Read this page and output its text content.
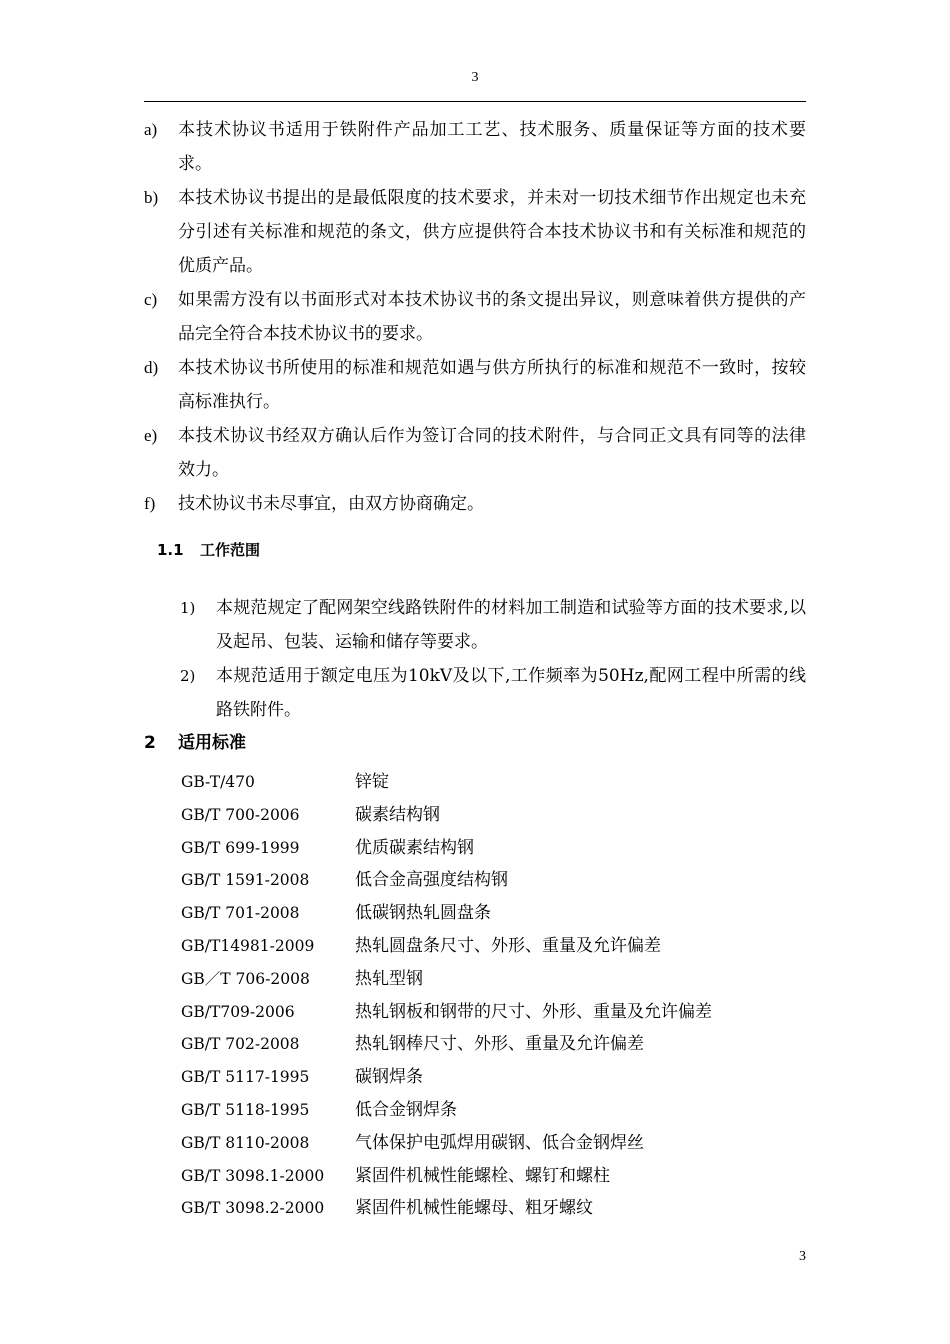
3
a)	本技术协议书适用于铁附件产品加工工艺、技术服务、质量保证等方面的技术要求。
b)	本技术协议书提出的是最低限度的技术要求，并未对一切技术细节作出规定也未充分引述有关标准和规范的条文，供方应提供符合本技术协议书和有关标准和规范的优质产品。
c)	如果需方没有以书面形式对本技术协议书的条文提出异议，则意味着供方提供的产品完全符合本技术协议书的要求。
d)	本技术协议书所使用的标准和规范如遇与供方所执行的标准和规范不一致时，按较高标准执行。
e)	本技术协议书经双方确认后作为签订合同的技术附件，与合同正文具有同等的法律效力。
f)	技术协议书未尽事宜，由双方协商确定。
1.1 工作范围
1)	本规范规定了配网架空线路铁附件的材料加工制造和试验等方面的技术要求,以及起吊、包装、运输和储存等要求。
2)	本规范适用于额定电压为10kV及以下,工作频率为50Hz,配网工程中所需的线路铁附件。
2 适用标准
GB-T/470	锌锭
GB/T 700-2006	碳素结构钢
GB/T 699-1999	优质碳素结构钢
GB/T 1591-2008	低合金高强度结构钢
GB/T 701-2008	低碳钢热轧圆盘条
GB/T14981-2009	热轧圆盘条尺寸、外形、重量及允许偏差
GB／T 706-2008	热轧型钢
GB/T709-2006	热轧钢板和钢带的尺寸、外形、重量及允许偏差
GB/T 702-2008	热轧钢棒尺寸、外形、重量及允许偏差
GB/T 5117-1995	碳钢焊条
GB/T 5118-1995	低合金钢焊条
GB/T 8110-2008	气体保护电弧焊用碳钢、低合金钢焊丝
GB/T 3098.1-2000	紧固件机械性能螺栓、螺钉和螺柱
GB/T 3098.2-2000	紧固件机械性能螺母、粗牙螺纹
3
